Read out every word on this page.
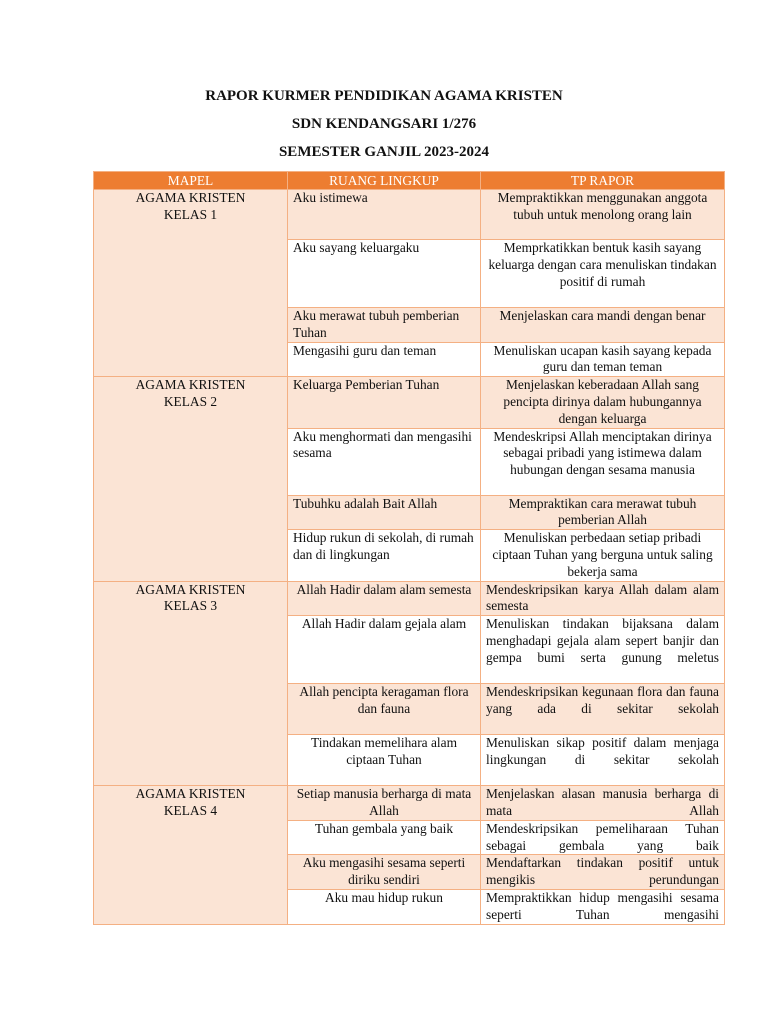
RAPOR KURMER PENDIDIKAN AGAMA KRISTEN
SDN KENDANGSARI 1/276
SEMESTER GANJIL 2023-2024
MAPEL	RUANG LINGKUP	TP RAPOR

AGAMA KRISTEN
KELAS 1	Aku istimewa	Mempraktikkan menggunakan anggota tubuh untuk menolong orang lain
	Aku sayang keluargaku	Memprkatikkan bentuk kasih sayang keluarga dengan cara menuliskan tindakan positif di rumah
	Aku merawat tubuh pemberian Tuhan	Menjelaskan cara mandi dengan benar
	Mengasihi guru dan teman	Menuliskan ucapan kasih sayang kepada guru dan teman teman

AGAMA KRISTEN
KELAS 2	Keluarga Pemberian Tuhan	Menjelaskan keberadaan Allah sang pencipta dirinya dalam hubungannya dengan keluarga
	Aku menghormati dan mengasihi sesama	Mendeskripsi Allah menciptakan dirinya sebagai pribadi yang istimewa dalam hubungan dengan sesama manusia
	Tubuhku adalah Bait Allah	Mempraktikan cara merawat tubuh pemberian Allah
	Hidup rukun di sekolah, di rumah dan di lingkungan	Menuliskan perbedaan setiap pribadi ciptaan Tuhan yang berguna untuk saling bekerja sama

AGAMA KRISTEN
KELAS 3	Allah Hadir dalam alam semesta	Mendeskripsikan karya Allah dalam alam semesta
	Allah Hadir dalam gejala alam	Menuliskan tindakan bijaksana dalam menghadapi gejala alam sepert banjir dan gempa bumi serta gunung meletus
	Allah pencipta keragaman flora dan fauna	Mendeskripsikan kegunaan flora dan fauna yang ada di sekitar sekolah
	Tindakan memelihara alam ciptaan Tuhan	Menuliskan sikap positif dalam menjaga lingkungan di sekitar sekolah

AGAMA KRISTEN
KELAS 4	Setiap manusia berharga di mata Allah	Menjelaskan alasan manusia berharga di mata Allah
	Tuhan gembala yang baik	Mendeskripsikan pemeliharaan Tuhan sebagai gembala yang baik
	Aku mengasihi sesama seperti diriku sendiri	Mendaftarkan tindakan positif untuk mengikis perundungan
	Aku mau hidup rukun	Mempraktikkan hidup mengasihi sesama seperti Tuhan mengasihi
